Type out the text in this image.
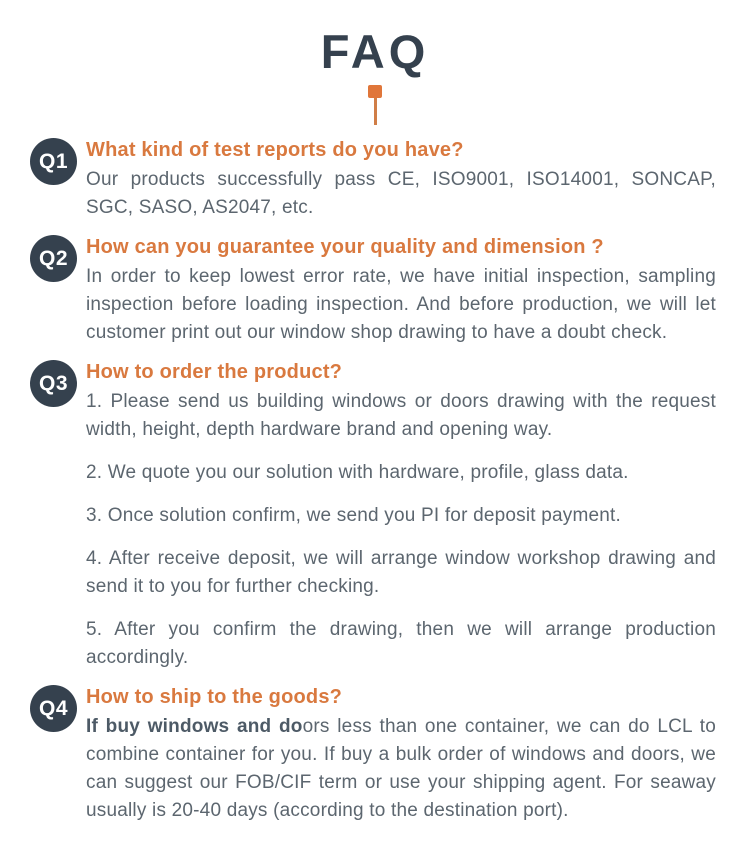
FAQ
Q1 What kind of test reports do you have?

Our products successfully pass CE, ISO9001, ISO14001, SONCAP, SGC, SASO, AS2047, etc.

Q2 How can you guarantee your quality and dimension ?

In order to keep lowest error rate, we have initial inspection, sampling inspection before loading inspection. And before production, we will let customer print out our window shop drawing to have a doubt check.

Q3 How to order the product?

1. Please send us building windows or doors drawing with the request width, height, depth hardware brand and opening way.

2. We quote you our solution with hardware, profile, glass data.

3. Once solution confirm, we send you PI for deposit payment.

4. After receive deposit, we will arrange window workshop drawing and send it to you for further checking.

5. After you confirm the drawing, then we will arrange production accordingly.

Q4 How to ship to the goods?

If buy windows and doors less than one container, we can do LCL to combine container for you. If buy a bulk order of windows and doors, we can suggest our FOB/CIF term or use your shipping agent. For seaway usually is 20-40 days (according to the destination port).
